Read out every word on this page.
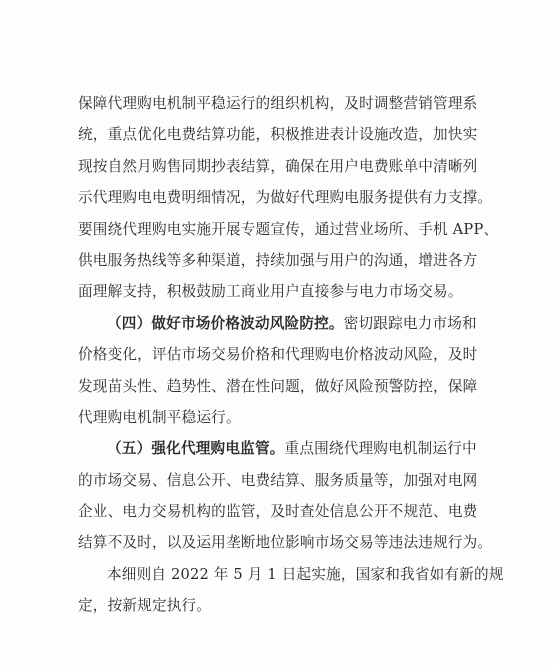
保障代理购电机制平稳运行的组织机构，及时调整营销管理系
统，重点优化电费结算功能，积极推进表计设施改造，加快实
现按自然月购售同期抄表结算，确保在用户电费账单中清晰列
示代理购电电费明细情况，为做好代理购电服务提供有力支撑。
要围绕代理购电实施开展专题宣传，通过营业场所、手机 APP、
供电服务热线等多种渠道，持续加强与用户的沟通，增进各方
面理解支持，积极鼓励工商业用户直接参与电力市场交易。
（四）做好市场价格波动风险防控。密切跟踪电力市场和
价格变化，评估市场交易价格和代理购电价格波动风险，及时
发现苗头性、趋势性、潜在性问题，做好风险预警防控，保障
代理购电机制平稳运行。
（五）强化代理购电监管。重点围绕代理购电机制运行中
的市场交易、信息公开、电费结算、服务质量等，加强对电网
企业、电力交易机构的监管，及时查处信息公开不规范、电费
结算不及时，以及运用垄断地位影响市场交易等违法违规行为。
本细则自 2022 年 5 月 1 日起实施，国家和我省如有新的规
定，按新规定执行。
